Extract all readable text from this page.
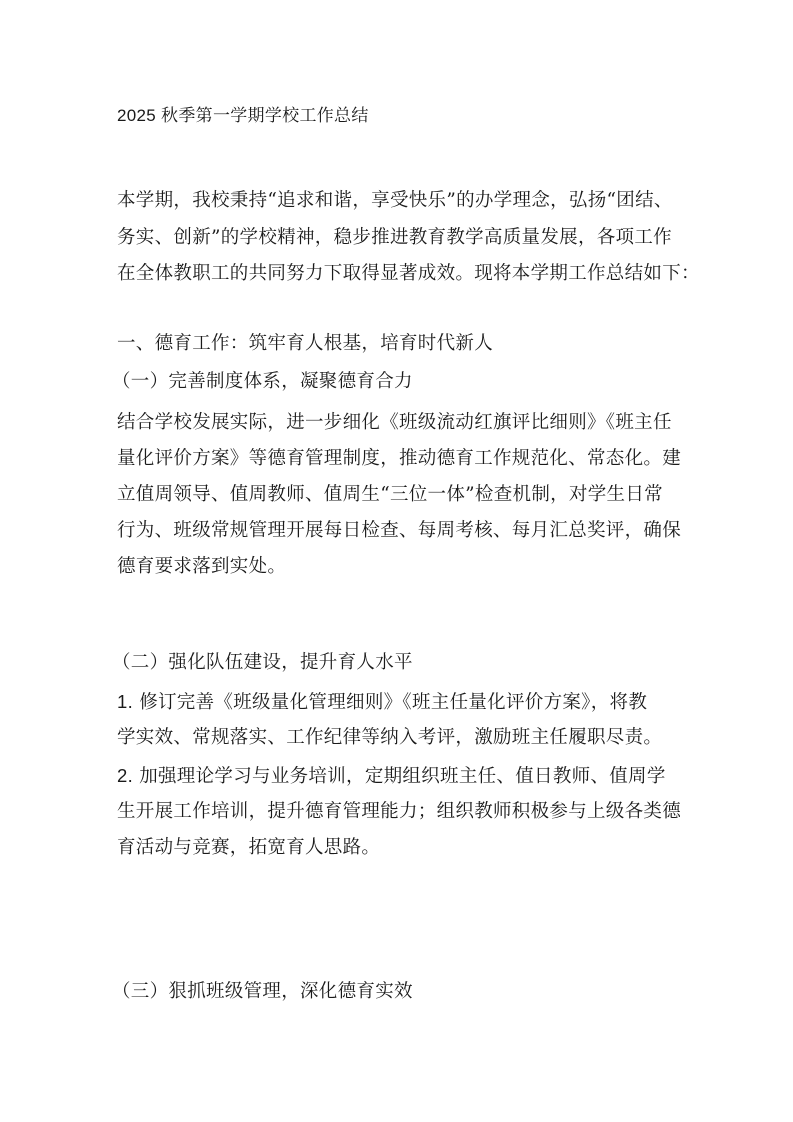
2025 秋季第一学期学校工作总结
本学期，我校秉持“追求和谐，享受快乐”的办学理念，弘扬“团结、
务实、创新”的学校精神，稳步推进教育教学高质量发展，各项工作
在全体教职工的共同努力下取得显著成效。现将本学期工作总结如下：
一、德育工作：筑牢育人根基，培育时代新人
（一）完善制度体系，凝聚德育合力
结合学校发展实际，进一步细化《班级流动红旗评比细则》《班主任
量化评价方案》等德育管理制度，推动德育工作规范化、常态化。建
立值周领导、值周教师、值周生“三位一体”检查机制，对学生日常
行为、班级常规管理开展每日检查、每周考核、每月汇总奖评，确保
德育要求落到实处。
（二）强化队伍建设，提升育人水平
1. 修订完善《班级量化管理细则》《班主任量化评价方案》，将教
学实效、常规落实、工作纪律等纳入考评，激励班主任履职尽责。
2. 加强理论学习与业务培训，定期组织班主任、值日教师、值周学
生开展工作培训，提升德育管理能力；组织教师积极参与上级各类德
育活动与竞赛，拓宽育人思路。
（三）狠抓班级管理，深化德育实效
